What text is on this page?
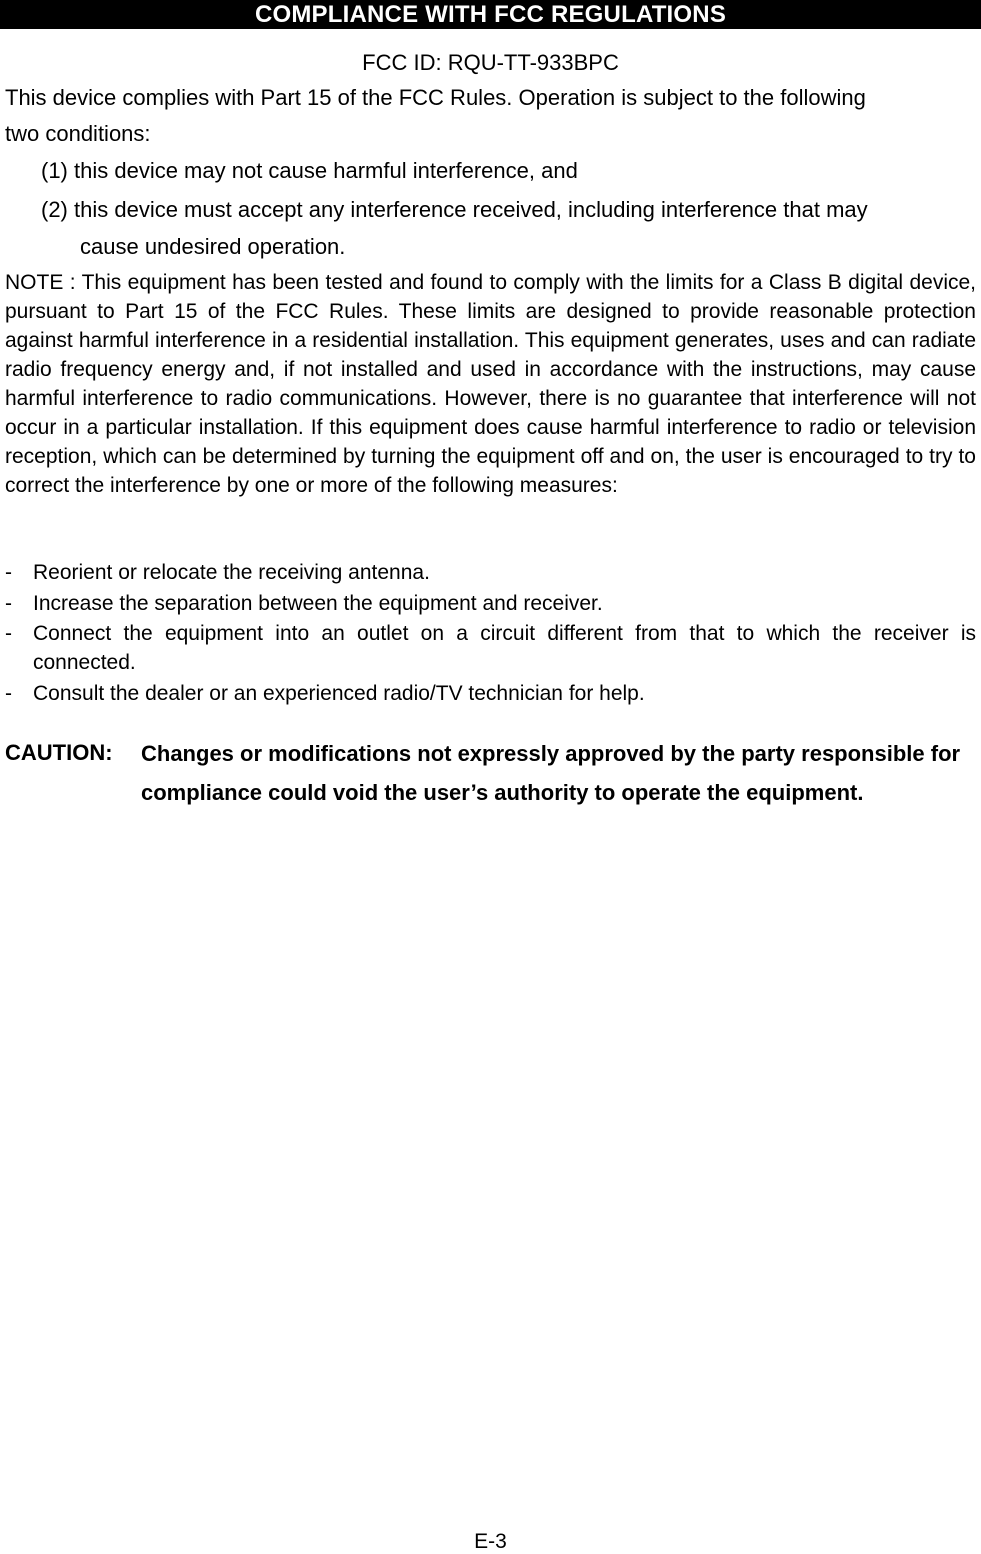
COMPLIANCE WITH FCC REGULATIONS
FCC ID: RQU-TT-933BPC
This device complies with Part 15 of the FCC Rules. Operation is subject to the following
two conditions:
(1) this device may not cause harmful interference, and
(2) this device must accept any interference received, including interference that may
cause undesired operation.

NOTE : This equipment has been tested and found to comply with the limits for a Class B digital device, pursuant to Part 15 of the FCC Rules. These limits are designed to provide reasonable protection against harmful interference in a residential installation. This equipment generates, uses and can radiate radio frequency energy and, if not installed and used in accordance with the instructions, may cause harmful interference to radio communications. However, there is no guarantee that interference will not occur in a particular installation. If this equipment does cause harmful interference to radio or television reception, which can be determined by turning the equipment off and on, the user is encouraged to try to correct the interference by one or more of the following measures:

- Reorient or relocate the receiving antenna.
- Increase the separation between the equipment and receiver.
- Connect the equipment into an outlet on a circuit different from that to which the receiver is connected.
- Consult the dealer or an experienced radio/TV technician for help.
CAUTION: Changes or modifications not expressly approved by the party responsible for compliance could void the user’s authority to operate the equipment.
E-3
